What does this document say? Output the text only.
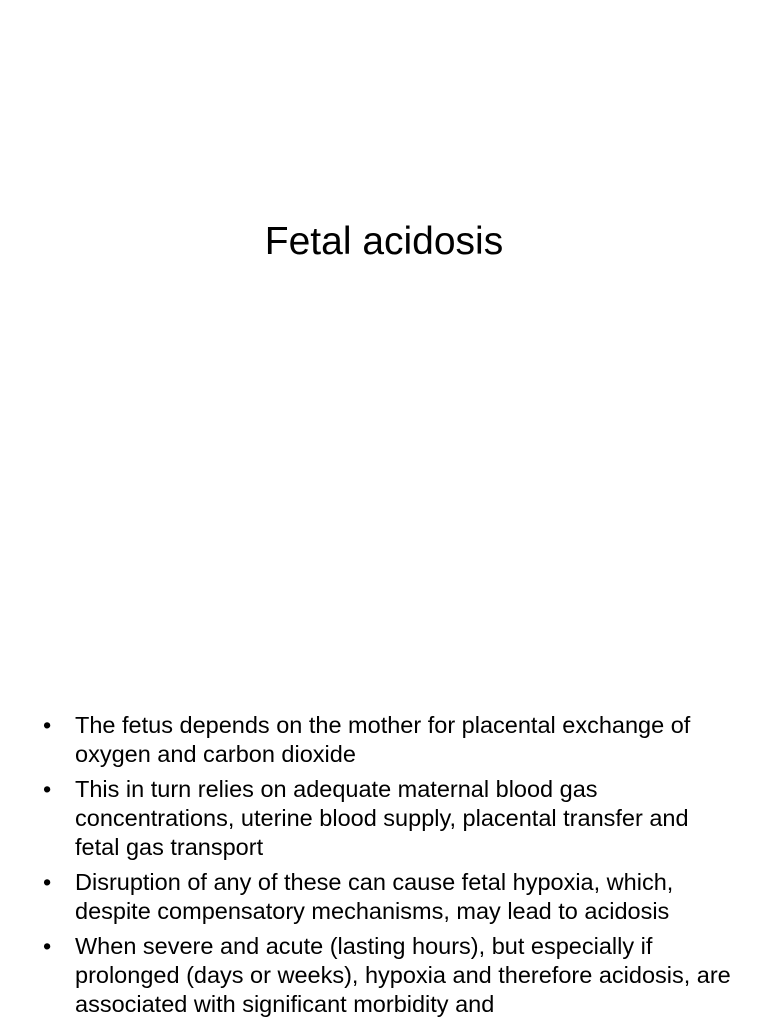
Fetal acidosis
• The fetus depends on the mother for placental exchange of oxygen and carbon dioxide
• This in turn relies on adequate maternal blood gas concentrations, uterine blood supply, placental transfer and fetal gas transport
• Disruption of any of these can cause fetal hypoxia, which, despite compensatory mechanisms, may lead to acidosis
• When severe and acute (lasting hours), but especially if prolonged (days or weeks), hypoxia and therefore acidosis, are associated with significant morbidity and
